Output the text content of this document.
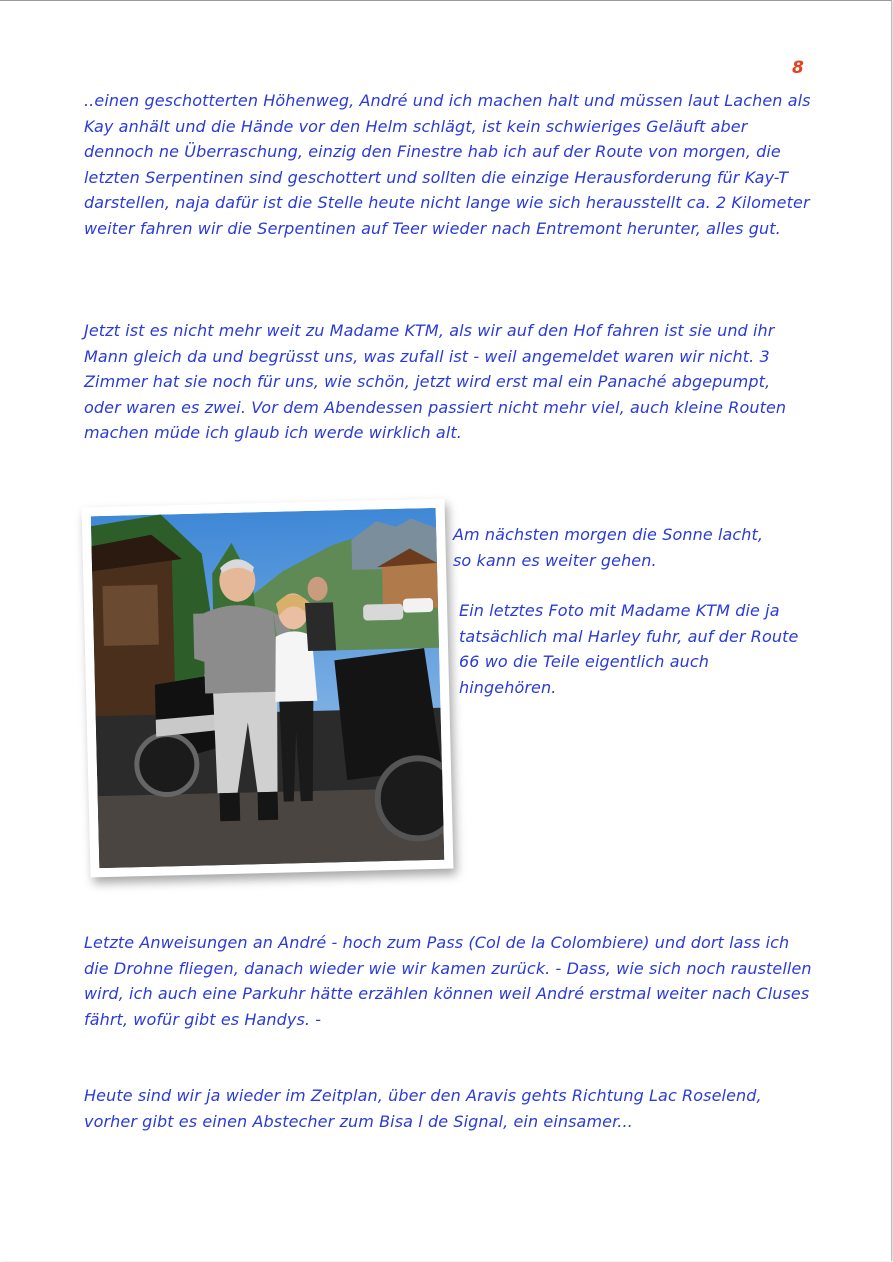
8

..einen geschotterten Höhenweg, André und ich machen halt und müssen laut Lachen als Kay anhält und die Hände vor den Helm schlägt, ist kein schwieriges Geläuft aber dennoch ne Überraschung, einzig den Finestre hab ich auf der Route von morgen, die letzten Serpentinen sind geschottert und sollten die einzige Herausforderung für Kay-T darstellen, naja dafür ist die Stelle heute nicht lange wie sich herausstellt ca. 2 Kilometer weiter fahren wir die Serpentinen auf Teer wieder nach Entremont herunter, alles gut.

Jetzt ist es nicht mehr weit zu Madame KTM, als wir auf den Hof fahren ist sie und ihr Mann gleich da und begrüsst uns, was zufall ist - weil angemeldet waren wir nicht. 3 Zimmer hat sie noch für uns, wie schön, jetzt wird erst mal ein Panaché abgepumpt, oder waren es zwei. Vor dem Abendessen passiert nicht mehr viel, auch kleine Routen machen müde ich glaub ich werde wirklich alt.

Am nächsten morgen die Sonne lacht, so kann es weiter gehen.

Ein letztes Foto mit Madame KTM die ja tatsächlich mal Harley fuhr, auf der Route 66 wo die Teile eigentlich auch hingehören.

Letzte Anweisungen an André - hoch zum Pass (Col de la Colombiere) und dort lass ich die Drohne fliegen, danach wieder wie wir kamen zurück. - Dass, wie sich noch raustellen wird, ich auch eine Parkuhr hätte erzählen können weil André erstmal weiter nach Cluses fährt, wofür gibt es Handys. -

Heute sind wir ja wieder im Zeitplan, über den Aravis gehts Richtung Lac Roselend, vorher gibt es einen Abstecher zum Bisa l de Signal, ein einsamer...
